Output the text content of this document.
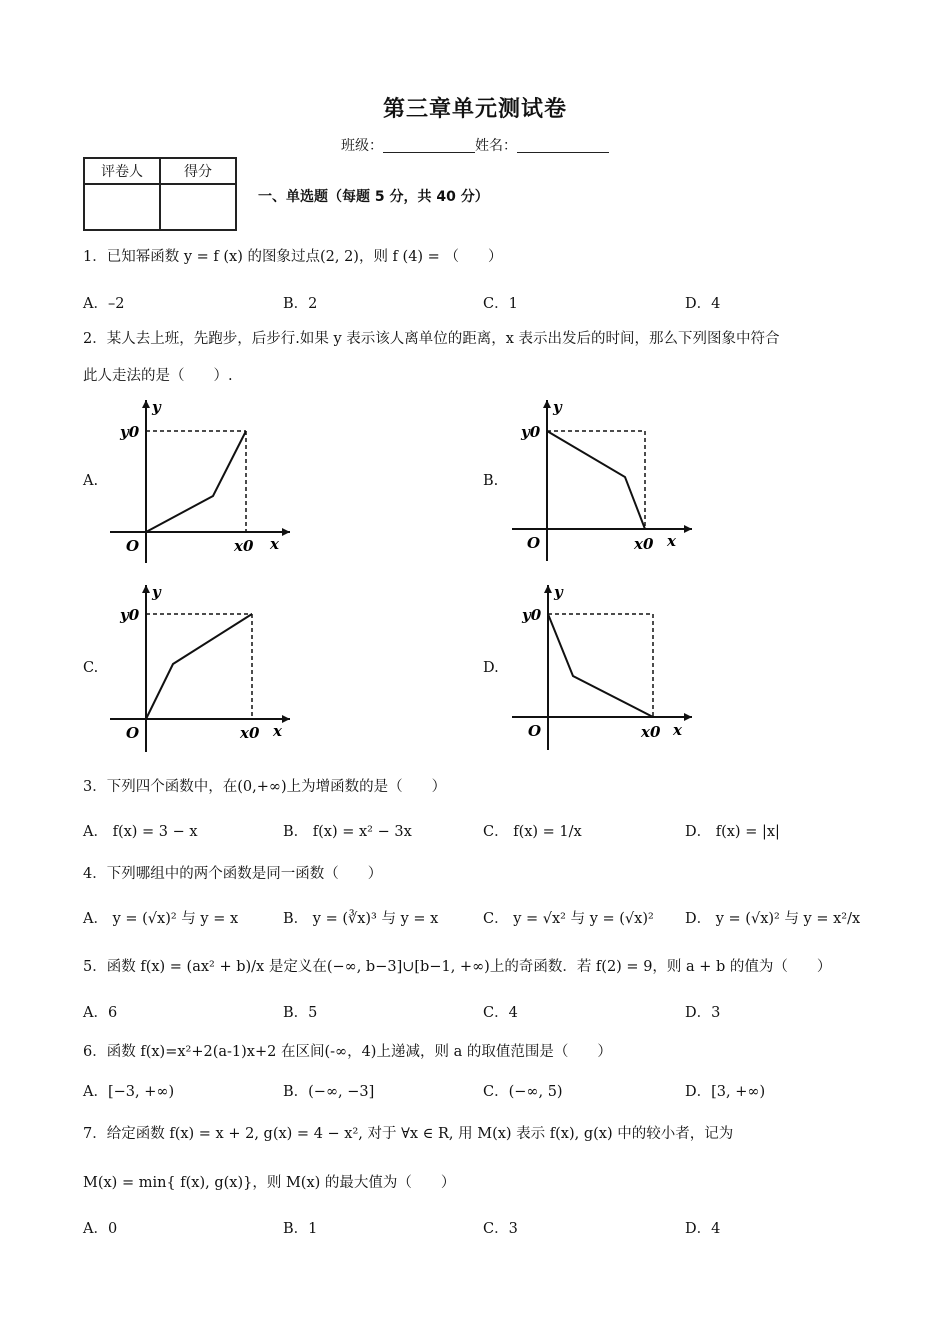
第三章单元测试卷
班级：	姓名：
评卷人	得分

一、单选题（每题 5 分，共 40 分）
1．已知幂函数 y = f (x) 的图象过点(2, 2)，则 f (4) = （　　）
A．–2	B．2	C．1	D．4
2．某人去上班，先跑步，后步行.如果 y 表示该人离单位的距离，x 表示出发后的时间，那么下列图象中符合
此人走法的是（　　）.
A.	B.
C.	D.
y
y0
O	x0 x
y
y0
O	x0 x
y
y0
O	x0 x
y
y0
O	x0 x
3．下列四个函数中，在(0,+∞)上为增函数的是（　　）
A． f(x) = 3 − x	B． f(x) = x² − 3x	C． f(x) = 1/x	D． f(x) = |x|
4．下列哪组中的两个函数是同一函数（　　）
A． y = (√x)² 与 y = x	B． y = (∛x)³ 与 y = x	C． y = √x² 与 y = (√x)² D． y = (√x)² 与 y = x²/x
5．函数 f(x) = (ax² + b)/x 是定义在(−∞, b−3]∪[b−1, +∞)上的奇函数．若 f(2) = 9，则 a + b 的值为（　　）
A．6	B．5	C．4	D．3
6．函数 f(x)=x²+2(a-1)x+2 在区间(-∞，4)上递减，则 a 的取值范围是（　　）
A．[−3, +∞)	B．(−∞, −3]	C．(−∞, 5)	D．[3, +∞)
7．给定函数 f(x) = x + 2, g(x) = 4 − x², 对于 ∀x ∈ R, 用 M(x) 表示 f(x), g(x) 中的较小者，记为
M(x) = min{ f(x), g(x)}，则 M(x) 的最大值为（　　）
A．0	B．1	C．3	D．4
